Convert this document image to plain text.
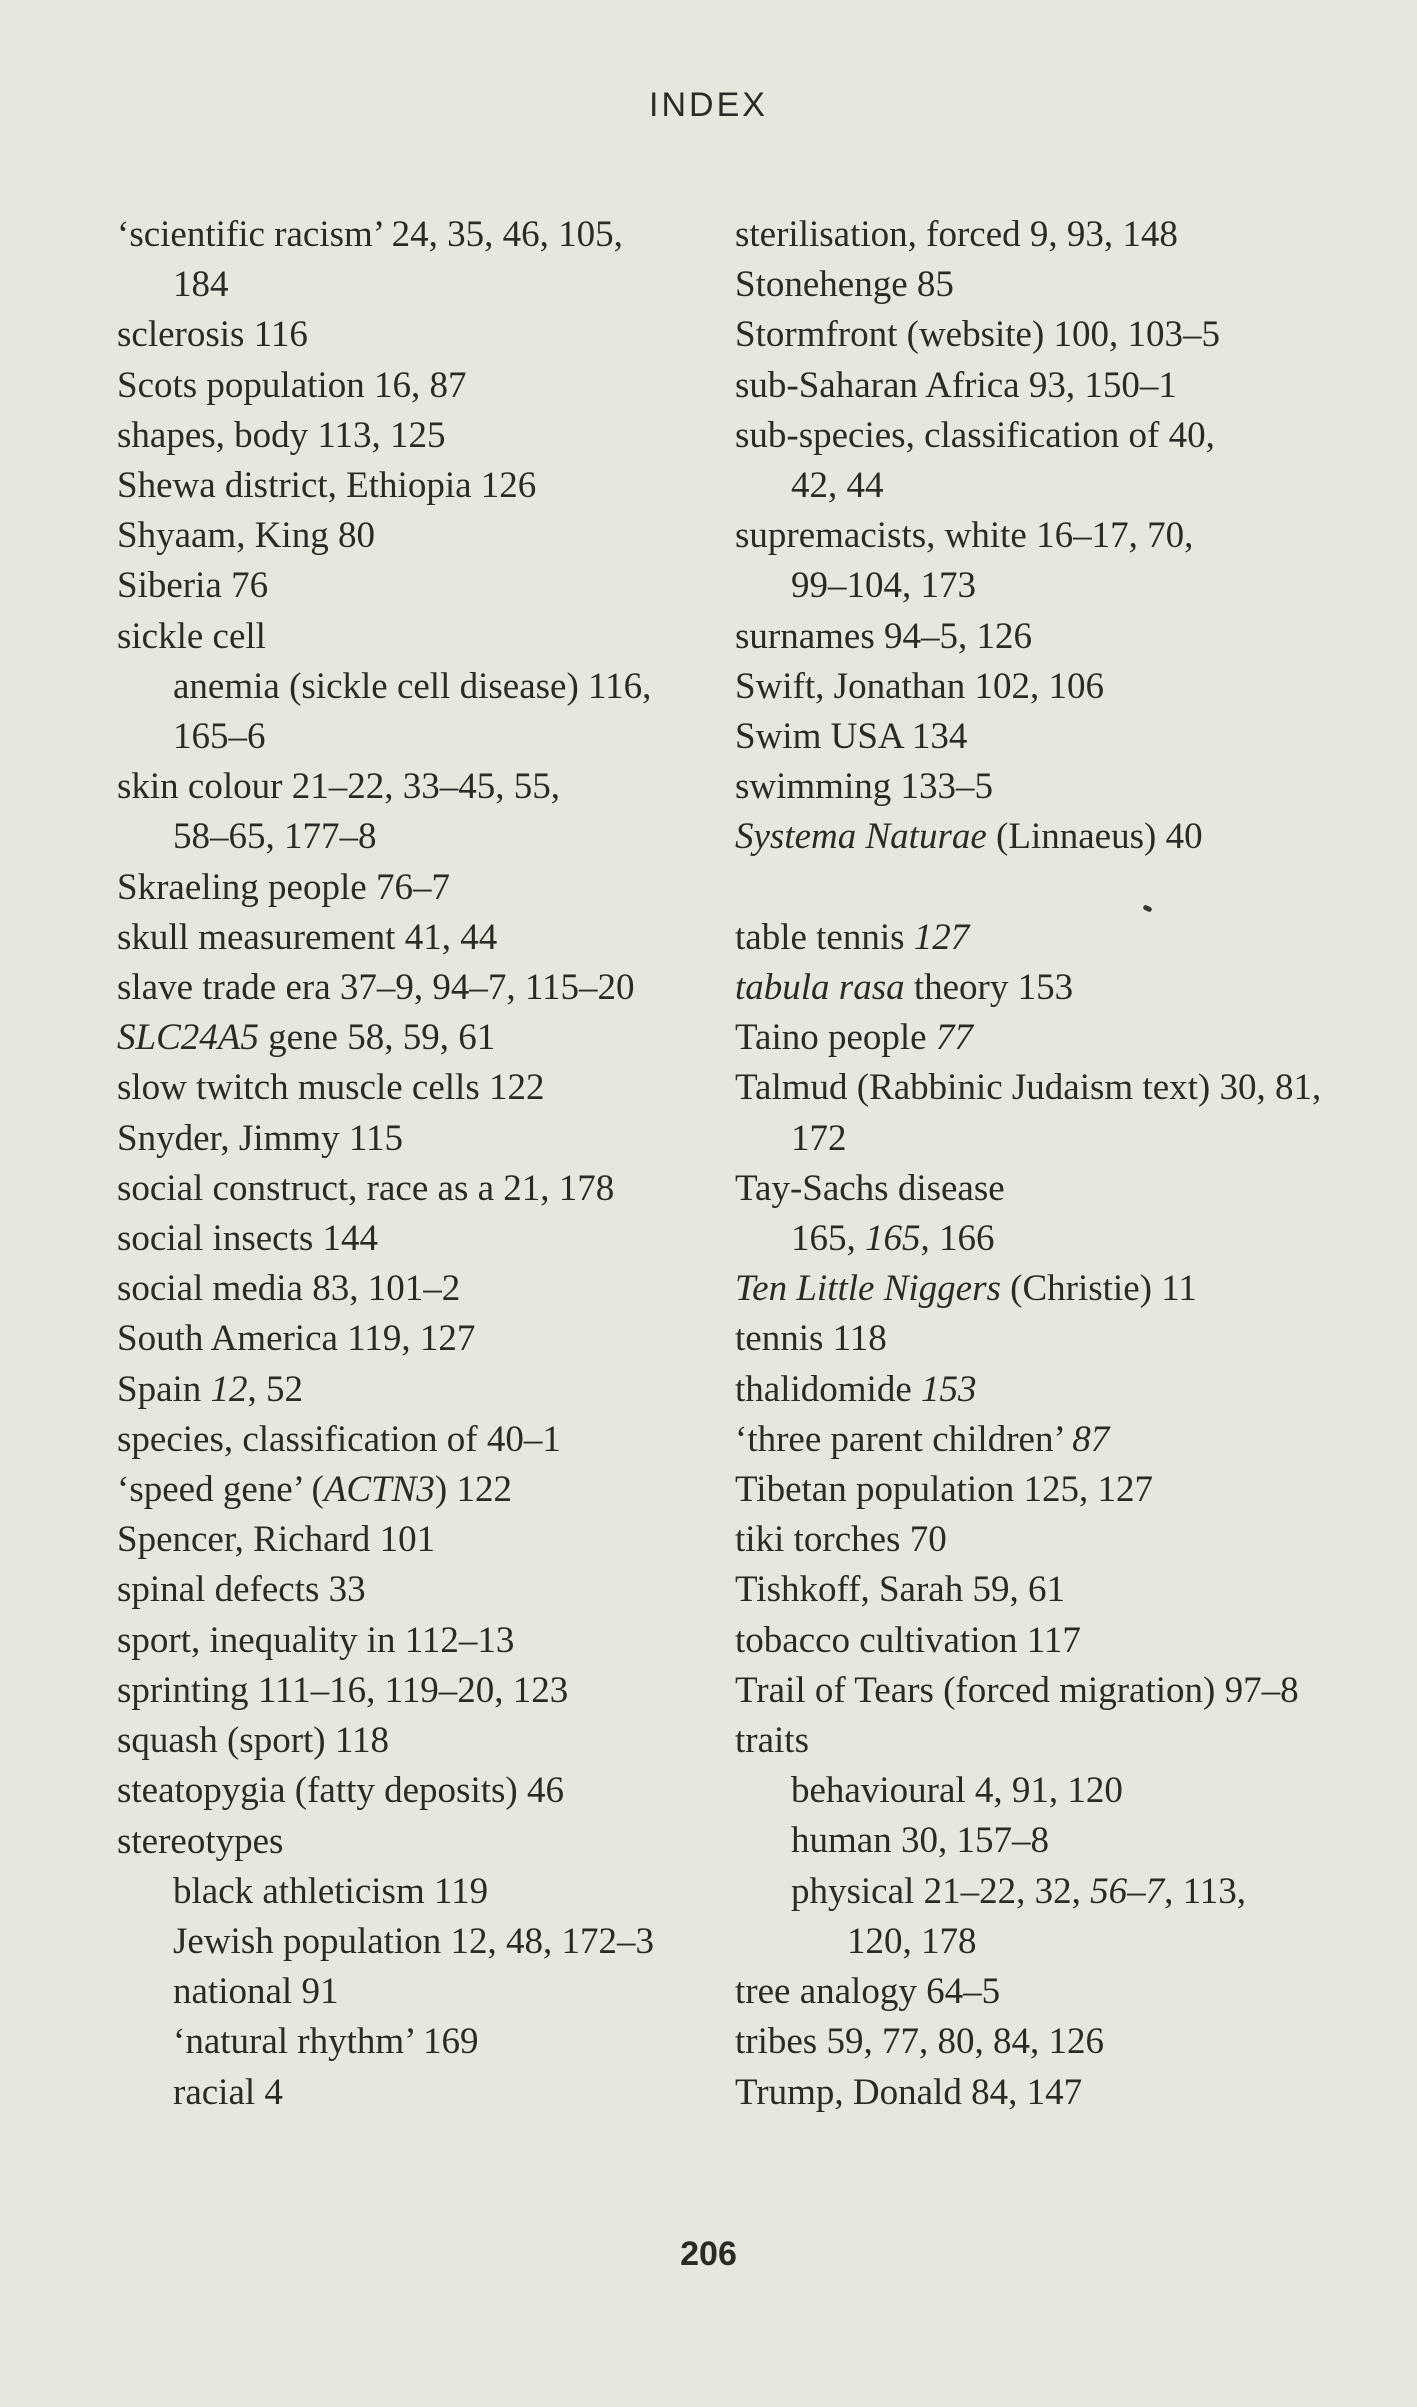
INDEX
‘scientific racism’ 24, 35, 46, 105,
184
sclerosis 116
Scots population 16, 87
shapes, body 113, 125
Shewa district, Ethiopia 126
Shyaam, King 80
Siberia 76
sickle cell
anemia (sickle cell disease) 116, 165–6
skin colour 21–22, 33–45, 55,
58–65, 177–8
Skraeling people 76–7
skull measurement 41, 44
slave trade era 37–9, 94–7, 115–20
SLC24A5 gene 58, 59, 61
slow twitch muscle cells 122
Snyder, Jimmy 115
social construct, race as a 21, 178
social insects 144
social media 83, 101–2
South America 119, 127
Spain 12, 52
species, classification of 40–1
‘speed gene’ (ACTN3) 122
Spencer, Richard 101
spinal defects 33
sport, inequality in 112–13
sprinting 111–16, 119–20, 123
squash (sport) 118
steatopygia (fatty deposits) 46
stereotypes
black athleticism 119
Jewish population 12, 48, 172–3
national 91
‘natural rhythm’ 169
racial 4
sterilisation, forced 9, 93, 148
Stonehenge 85
Stormfront (website) 100, 103–5
sub-Saharan Africa 93, 150–1
sub-species, classification of 40,
42, 44
supremacists, white 16–17, 70,
99–104, 173
surnames 94–5, 126
Swift, Jonathan 102, 106
Swim USA 134
swimming 133–5
Systema Naturae (Linnaeus) 40
table tennis 127
tabula rasa theory 153
Taino people 77
Talmud (Rabbinic Judaism text) 30, 81, 172
Tay-Sachs disease
165, 165, 166
Ten Little Niggers (Christie) 11
tennis 118
thalidomide 153
‘three parent children’ 87
Tibetan population 125, 127
tiki torches 70
Tishkoff, Sarah 59, 61
tobacco cultivation 117
Trail of Tears (forced migration) 97–8
traits
behavioural 4, 91, 120
human 30, 157–8
physical 21–22, 32, 56–7, 113,
120, 178
tree analogy 64–5
tribes 59, 77, 80, 84, 126
Trump, Donald 84, 147
206
